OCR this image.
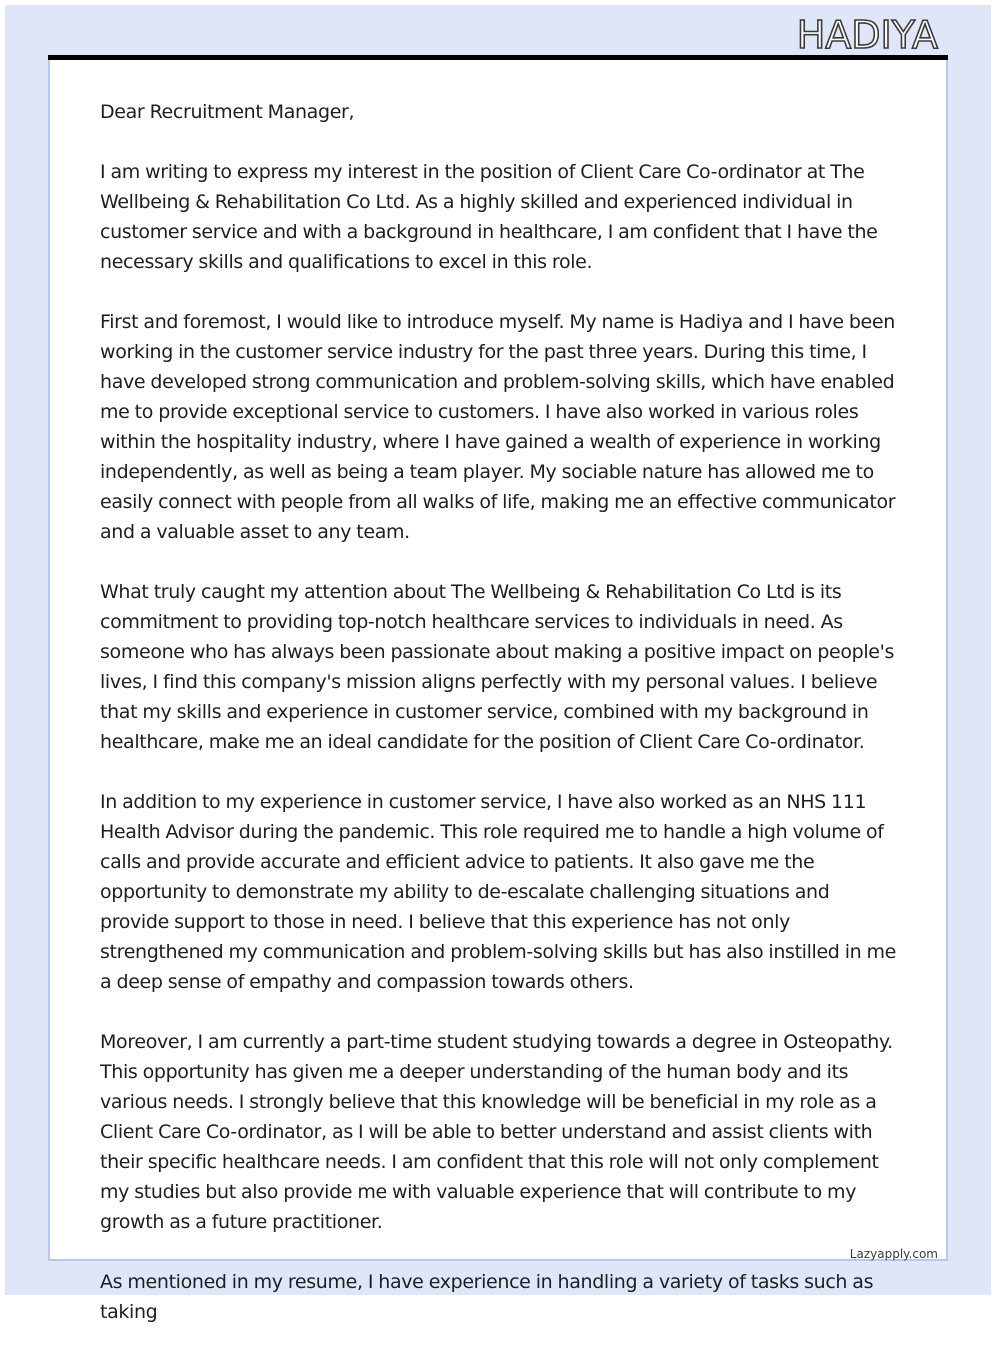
HADIYA

Dear Recruitment Manager,

I am writing to express my interest in the position of Client Care Co-ordinator at The Wellbeing & Rehabilitation Co Ltd. As a highly skilled and experienced individual in customer service and with a background in healthcare, I am confident that I have the necessary skills and qualifications to excel in this role.

First and foremost, I would like to introduce myself. My name is Hadiya and I have been working in the customer service industry for the past three years. During this time, I have developed strong communication and problem-solving skills, which have enabled me to provide exceptional service to customers. I have also worked in various roles within the hospitality industry, where I have gained a wealth of experience in working independently, as well as being a team player. My sociable nature has allowed me to easily connect with people from all walks of life, making me an effective communicator and a valuable asset to any team.

What truly caught my attention about The Wellbeing & Rehabilitation Co Ltd is its commitment to providing top-notch healthcare services to individuals in need. As someone who has always been passionate about making a positive impact on people's lives, I find this company's mission aligns perfectly with my personal values. I believe that my skills and experience in customer service, combined with my background in healthcare, make me an ideal candidate for the position of Client Care Co-ordinator.

In addition to my experience in customer service, I have also worked as an NHS 111 Health Advisor during the pandemic. This role required me to handle a high volume of calls and provide accurate and efficient advice to patients. It also gave me the opportunity to demonstrate my ability to de-escalate challenging situations and provide support to those in need. I believe that this experience has not only strengthened my communication and problem-solving skills but has also instilled in me a deep sense of empathy and compassion towards others.

Moreover, I am currently a part-time student studying towards a degree in Osteopathy. This opportunity has given me a deeper understanding of the human body and its various needs. I strongly believe that this knowledge will be beneficial in my role as a Client Care Co-ordinator, as I will be able to better understand and assist clients with their specific healthcare needs. I am confident that this role will not only complement my studies but also provide me with valuable experience that will contribute to my growth as a future practitioner.

As mentioned in my resume, I have experience in handling a variety of tasks such as taking

Lazyapply.com
